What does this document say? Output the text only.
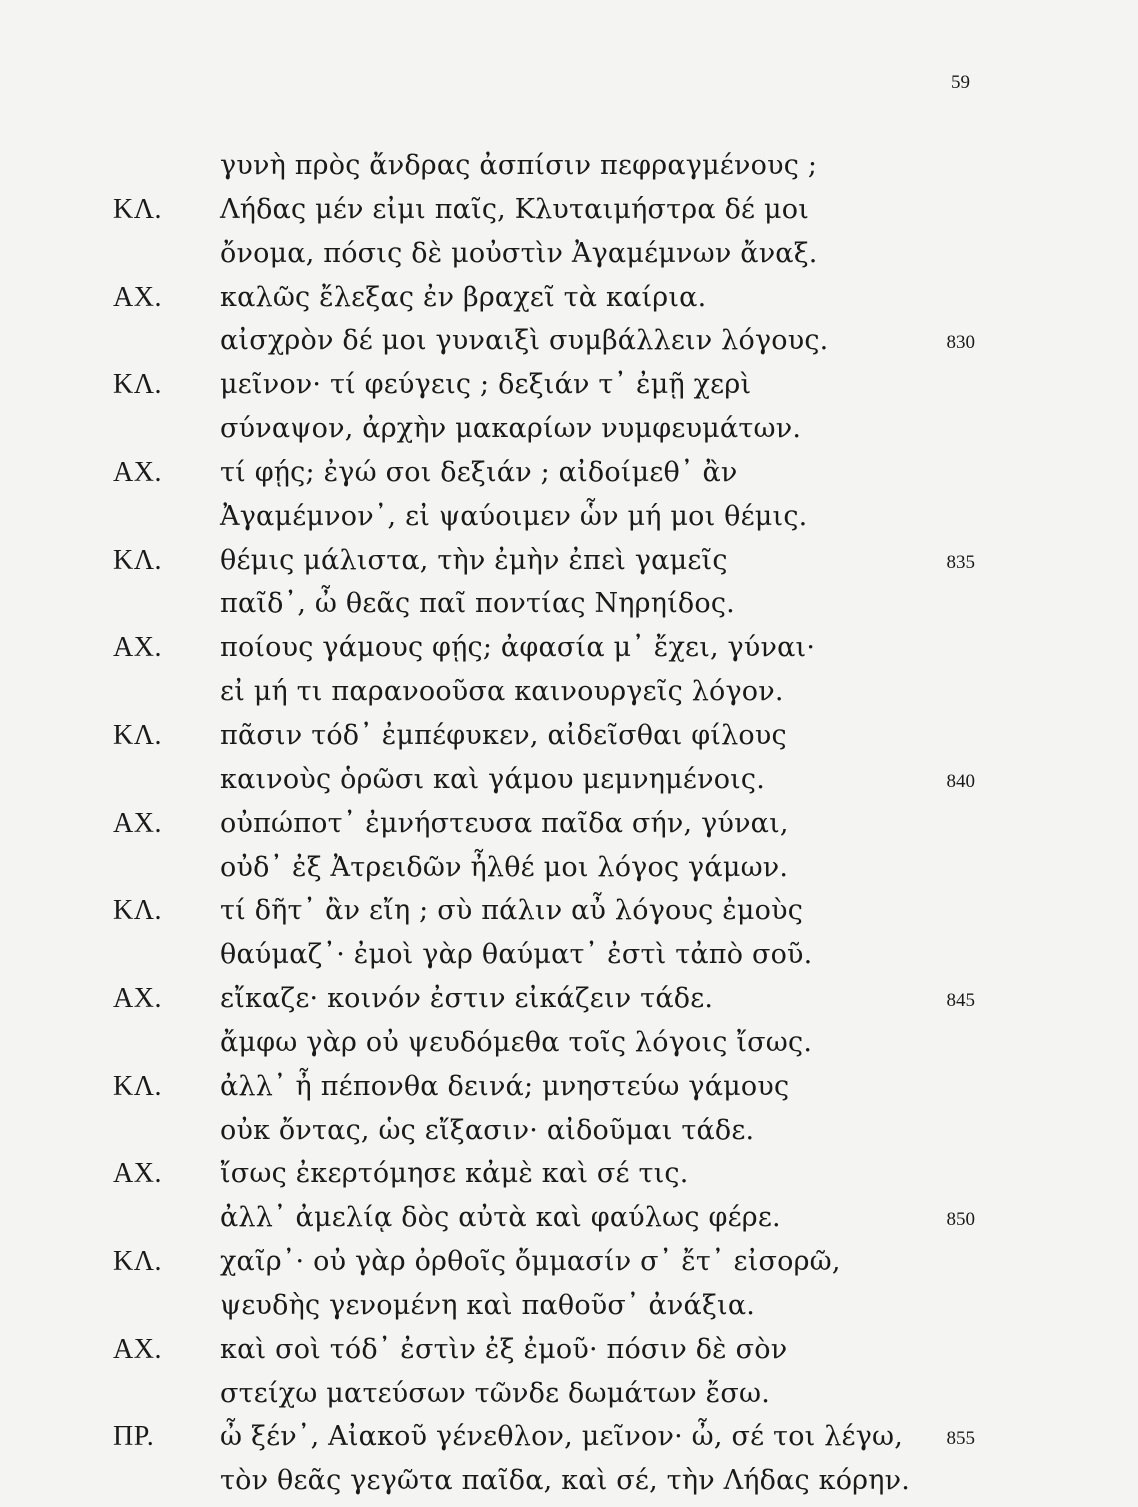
59
γυνὴ πρὸς ἄνδρας ἀσπίσιν πεφραγμένους ;
ΚΛ. Λήδας μέν εἰμι παῖς, Κλυταιμήστρα δέ μοι
ὄνομα, πόσις δὲ μοὐστὶν Ἀγαμέμνων ἄναξ.
ΑΧ. καλῶς ἔλεξας ἐν βραχεῖ τὰ καίρια.
αἰσχρὸν δέ μοι γυναιξὶ συμβάλλειν λόγους.	830
ΚΛ. μεῖνον· τί φεύγεις ; δεξιάν τ᾽ ἐμῇ χερὶ
σύναψον, ἀρχὴν μακαρίων νυμφευμάτων.
ΑΧ. τί φῄς; ἐγώ σοι δεξιάν ; αἰδοίμεθ᾽ ἂν
Ἀγαμέμνον᾽, εἰ ψαύοιμεν ὧν μή μοι θέμις.
ΚΛ. θέμις μάλιστα, τὴν ἐμὴν ἐπεὶ γαμεῖς	835
παῖδ᾽, ὦ θεᾶς παῖ ποντίας Νηρηίδος.
ΑΧ. ποίους γάμους φῄς; ἀφασία μ᾽ ἔχει, γύναι·
εἰ μή τι παρανοοῦσα καινουργεῖς λόγον.
ΚΛ. πᾶσιν τόδ᾽ ἐμπέφυκεν, αἰδεῖσθαι φίλους
καινοὺς ὁρῶσι καὶ γάμου μεμνημένοις.	840
ΑΧ. οὐπώποτ᾽ ἐμνήστευσα παῖδα σήν, γύναι,
οὐδ᾽ ἐξ Ἀτρειδῶν ἦλθέ μοι λόγος γάμων.
ΚΛ. τί δῆτ᾽ ἂν εἴη ; σὺ πάλιν αὖ λόγους ἐμοὺς
θαύμαζ᾽· ἐμοὶ γὰρ θαύματ᾽ ἐστὶ τἀπὸ σοῦ.
ΑΧ. εἴκαζε· κοινόν ἐστιν εἰκάζειν τάδε.	845
ἄμφω γὰρ οὐ ψευδόμεθα τοῖς λόγοις ἴσως.
ΚΛ. ἀλλ᾽ ἦ πέπονθα δεινά; μνηστεύω γάμους
οὐκ ὄντας, ὡς εἴξασιν· αἰδοῦμαι τάδε.
ΑΧ. ἴσως ἐκερτόμησε κἀμὲ καὶ σέ τις.
ἀλλ᾽ ἀμελίᾳ δὸς αὐτὰ καὶ φαύλως φέρε.	850
ΚΛ. χαῖρ᾽· οὐ γὰρ ὀρθοῖς ὄμμασίν σ᾽ ἔτ᾽ εἰσορῶ,
ψευδὴς γενομένη καὶ παθοῦσ᾽ ἀνάξια.
ΑΧ. καὶ σοὶ τόδ᾽ ἐστὶν ἐξ ἐμοῦ· πόσιν δὲ σὸν
στείχω ματεύσων τῶνδε δωμάτων ἔσω.
ΠΡ. ὦ ξέν᾽, Αἰακοῦ γένεθλον, μεῖνον· ὦ, σέ τοι λέγω,	855
τὸν θεᾶς γεγῶτα παῖδα, καὶ σέ, τὴν Λήδας κόρην.
